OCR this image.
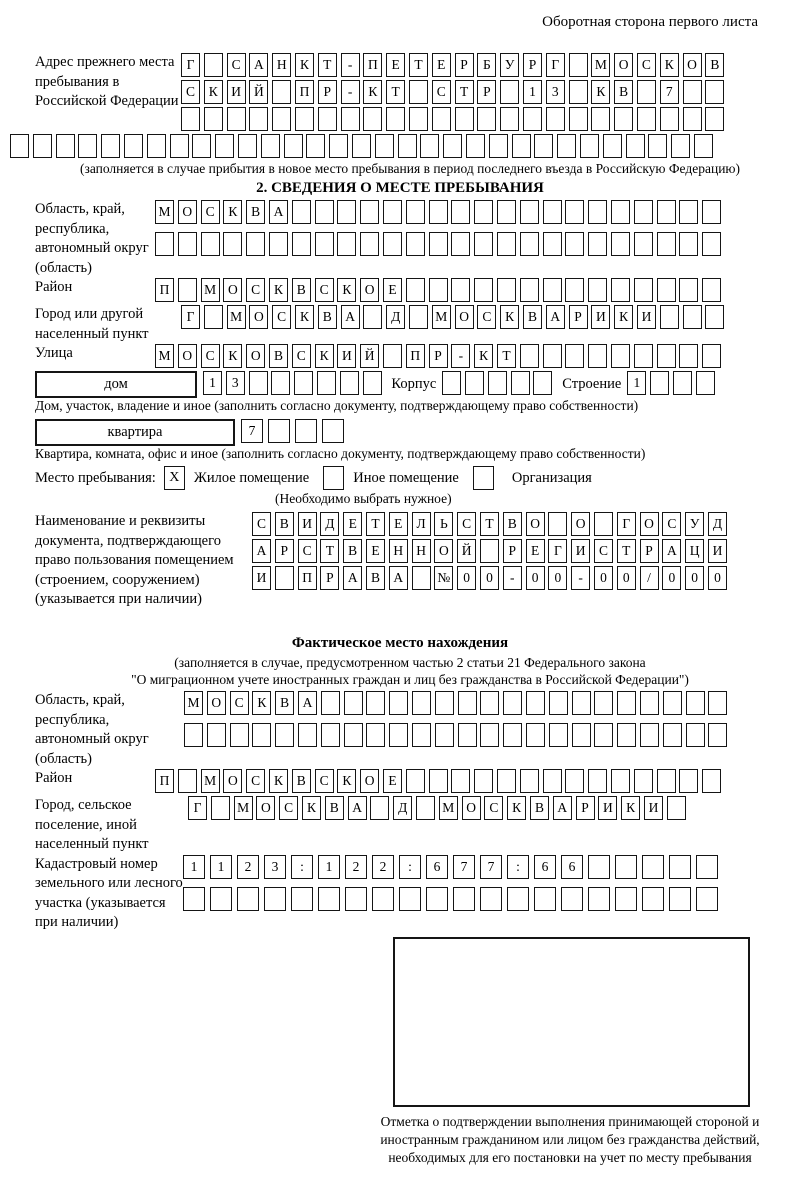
Оборотная сторона первого листа
Адрес прежнего места пребывания в Российской Федерации
Г	С А Н К	Т	-	П	Е	Т	Е	Р	Б	У	Р	Г	М О С	К О В
С	К И Й	П	Р	-	К	Т	С	Т	Р	1	3	К	В	7
(заполняется в случае прибытия в новое место пребывания в период последнего въезда в Российскую Федерацию)
2. СВЕДЕНИЯ О МЕСТЕ ПРЕБЫВАНИЯ
Область, край, республика, автономный округ (область)
М О С	К	В А
Район	П	М О С	К	В	С	К О	Е
Город или другой населенный пункт
Г	М О С	К	В А	Д	М О С	К	В А	Р	И К И
Улица	М О С	К О В	С	К И Й	П	Р	-	К	Т
дом	1	3	Корпус	Строение 1
Дом, участок, владение и иное (заполнить согласно документу, подтверждающему право собственности)
квартира	7
Квартира, комната, офис и иное (заполнить согласно документу, подтверждающему право собственности)
Место пребывания: X Жилое помещение	Иное помещение	Организация
(Необходимо выбрать нужное)
Наименование и реквизиты документа, подтверждающего право пользования помещением (строением, сооружением) (указывается при наличии)
С	В И Д	Е	Т	Е	Л	Ь	С	Т	В О	О	Г	О С	У Д
А	Р	С	Т	В	Е	Н Н О Й	Р	Е	Г	И С	Т	Р	А Ц И
И	П	Р	А В А	№ 0	0	-	0	0	-	0	0	/	0	0	0
Фактическое место нахождения
(заполняется в случае, предусмотренном частью 2 статьи 21 Федерального закона
"О миграционном учете иностранных граждан и лиц без гражданства в Российской Федерации")
Область, край, республика, автономный округ (область)
М О С	К	В А
Район	П	М О С	К	В	С	К О	Е
Город, сельское поселение, иной населенный пункт
Г	М О С	К	В А	Д	М О С	К	В А	Р	И К И
Кадастровый номер земельного или лесного участка (указывается при наличии)
1	1	2	3	:	1	2	2	:	6	7	7	:	6	6
Отметка о подтверждении выполнения принимающей стороной и иностранным гражданином или лицом без гражданства действий, необходимых для его постановки на учет по месту пребывания
